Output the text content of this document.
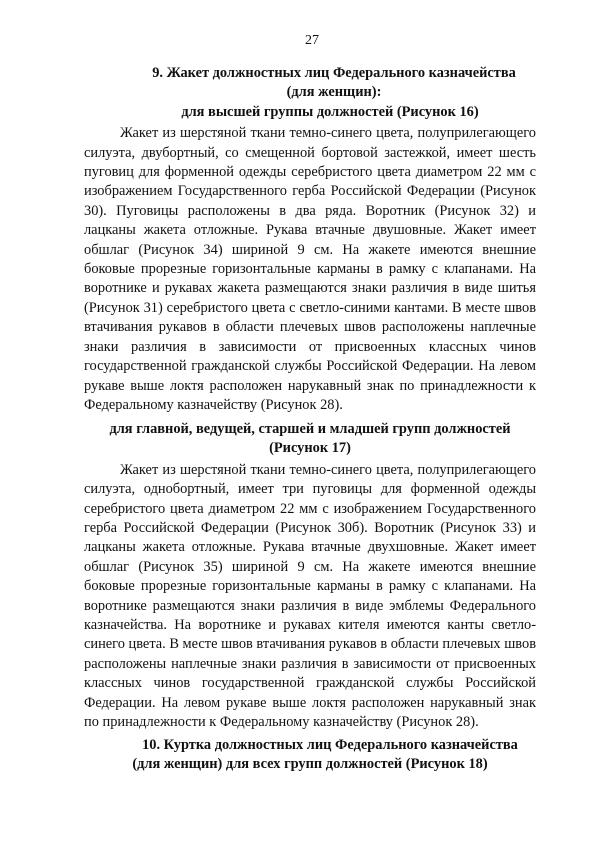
27

9. Жакет должностных лиц Федерального казначейства
(для женщин):
для высшей группы должностей (Рисунок 16)

Жакет из шерстяной ткани темно-синего цвета, полуприлегающего силуэта, двубортный, со смещенной бортовой застежкой, имеет шесть пуговиц для форменной одежды серебристого цвета диаметром 22 мм с изображением Государственного герба Российской Федерации (Рисунок 30). Пуговицы расположены в два ряда. Воротник (Рисунок 32) и лацканы жакета отложные. Рукава втачные двушовные. Жакет имеет обшлаг (Рисунок 34) шириной 9 см. На жакете имеются внешние боковые прорезные горизонтальные карманы в рамку с клапанами. На воротнике и рукавах жакета размещаются знаки различия в виде шитья (Рисунок 31) серебристого цвета с светло-синими кантами. В месте швов втачивания рукавов в области плечевых швов расположены наплечные знаки различия в зависимости от присвоенных классных чинов государственной гражданской службы Российской Федерации. На левом рукаве выше локтя расположен нарукавный знак по принадлежности к Федеральному казначейству (Рисунок 28).

для главной, ведущей, старшей и младшей групп должностей
(Рисунок 17)

Жакет из шерстяной ткани темно-синего цвета, полуприлегающего силуэта, однобортный, имеет три пуговицы для форменной одежды серебристого цвета диаметром 22 мм с изображением Государственного герба Российской Федерации (Рисунок 30б). Воротник (Рисунок 33) и лацканы жакета отложные. Рукава втачные двухшовные. Жакет имеет обшлаг (Рисунок 35) шириной 9 см. На жакете имеются внешние боковые прорезные горизонтальные карманы в рамку с клапанами. На воротнике размещаются знаки различия в виде эмблемы Федерального казначейства. На воротнике и рукавах кителя имеются канты светло-синего цвета. В месте швов втачивания рукавов в области плечевых швов расположены наплечные знаки различия в зависимости от присвоенных классных чинов государственной гражданской службы Российской Федерации. На левом рукаве выше локтя расположен нарукавный знак по принадлежности к Федеральному казначейству (Рисунок 28).

10. Куртка должностных лиц Федерального казначейства
(для женщин) для всех групп должностей (Рисунок 18)
